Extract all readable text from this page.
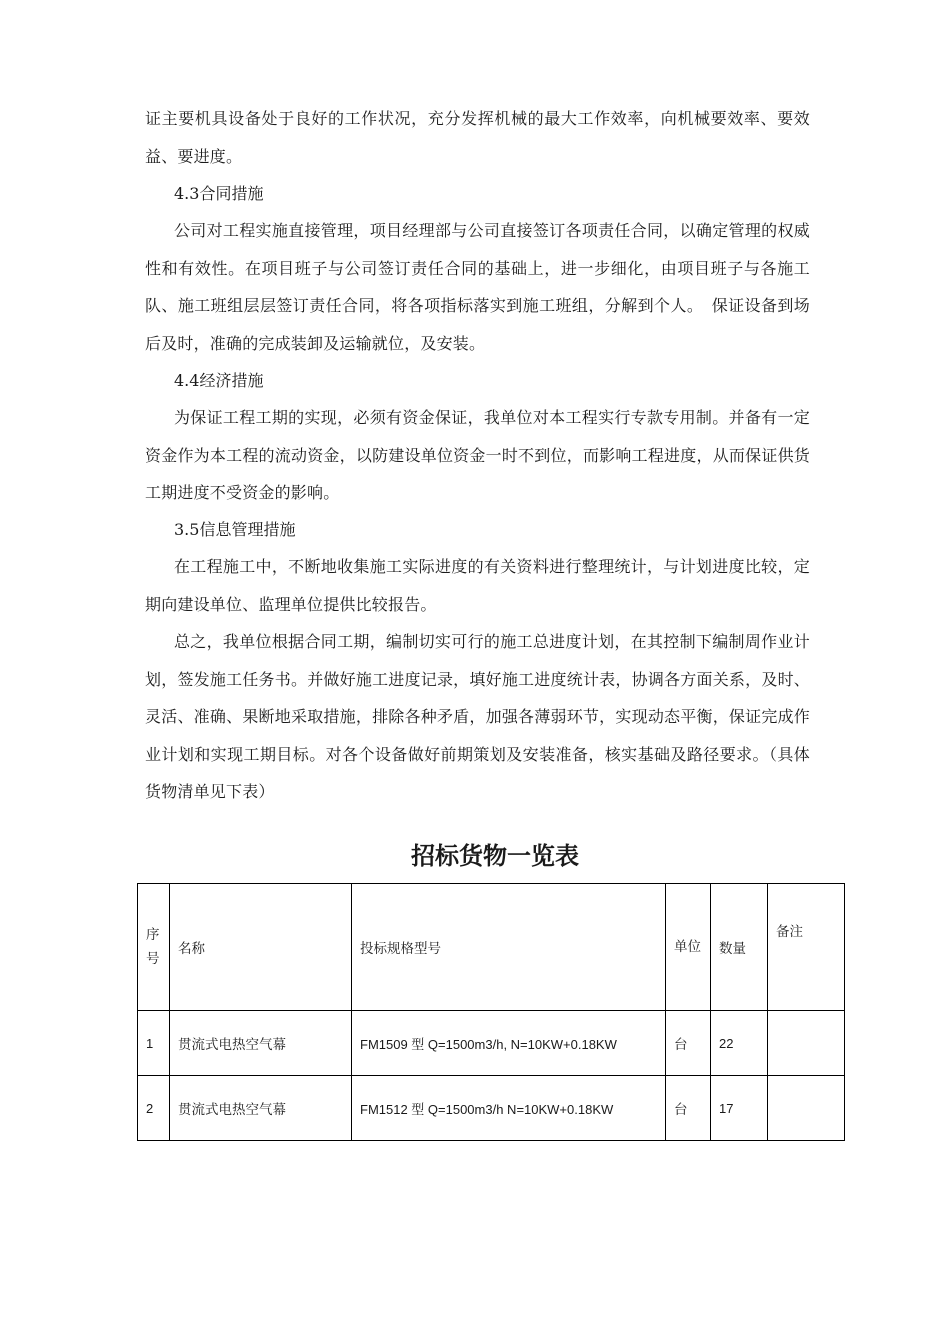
证主要机具设备处于良好的工作状况，充分发挥机械的最大工作效率，向机械要效率、要效益、要进度。

4.3合同措施

公司对工程实施直接管理，项目经理部与公司直接签订各项责任合同，以确定管理的权威性和有效性。在项目班子与公司签订责任合同的基础上，进一步细化，由项目班子与各施工队、施工班组层层签订责任合同，将各项指标落实到施工班组，分解到个人。　保证设备到场后及时，准确的完成装卸及运输就位，及安装。

4.4经济措施

为保证工程工期的实现，必须有资金保证，我单位对本工程实行专款专用制。并备有一定资金作为本工程的流动资金，以防建设单位资金一时不到位，而影响工程进度，从而保证供货工期进度不受资金的影响。

3.5信息管理措施

在工程施工中，不断地收集施工实际进度的有关资料进行整理统计，与计划进度比较，定期向建设单位、监理单位提供比较报告。

总之，我单位根据合同工期，编制切实可行的施工总进度计划，在其控制下编制周作业计划，签发施工任务书。并做好施工进度记录，填好施工进度统计表，协调各方面关系，及时、灵活、准确、果断地采取措施，排除各种矛盾，加强各薄弱环节，实现动态平衡，保证完成作业计划和实现工期目标。对各个设备做好前期策划及安装准备，核实基础及路径要求。（具体货物清单见下表）

招标货物一览表
序号	名称	投标规格型号	单位	数量	备注
1	贯流式电热空气幕	FM1509 型 Q=1500m3/h, N=10KW+0.18KW	台	22	
2	贯流式电热空气幕	FM1512 型 Q=1500m3/h N=10KW+0.18KW	台	17	
